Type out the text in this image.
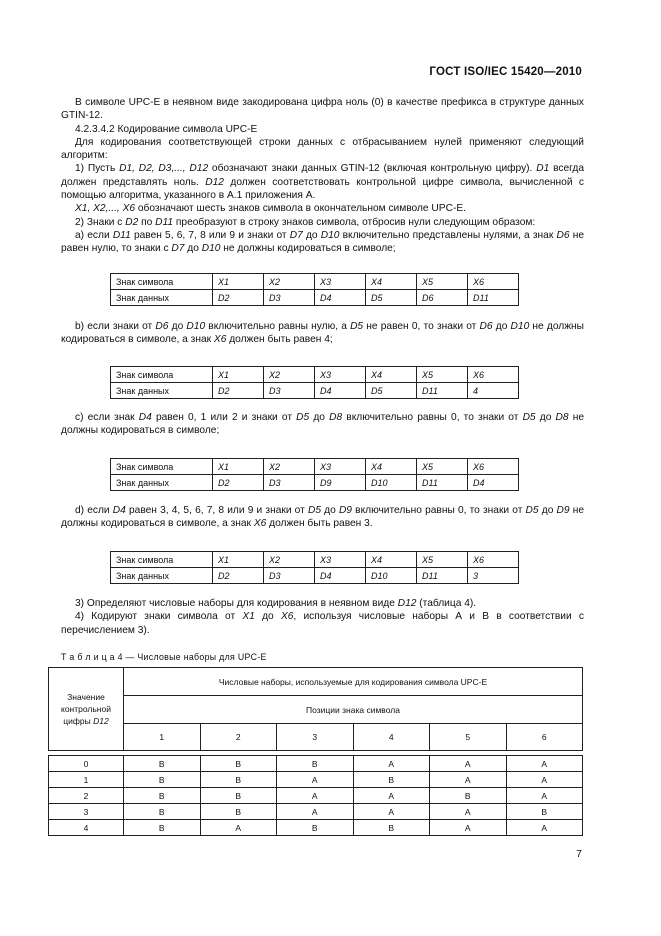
ГОСТ ISO/IEC 15420—2010

В символе UPC-E в неявном виде закодирована цифра ноль (0) в качестве префикса в структуре данных GTIN-12.

4.2.3.4.2 Кодирование символа UPC-E

Для кодирования соответствующей строки данных с отбрасыванием нулей применяют следующий алгоритм:

1) Пусть D1, D2, D3,..., D12 обозначают знаки данных GTIN-12 (включая контрольную цифру). D1 всегда должен представлять ноль. D12 должен соответствовать контрольной цифре символа, вычисленной с помощью алгоритма, указанного в А.1 приложения А.

X1, X2,..., X6 обозначают шесть знаков символа в окончательном символе UPC-E.

2) Знаки с D2 по D11 преобразуют в строку знаков символа, отбросив нули следующим образом:

а) если D11 равен 5, 6, 7, 8 или 9 и знаки от D7 до D10 включительно представлены нулями, а знак D6 не равен нулю, то знаки с D7 до D10 не должны кодироваться в символе;

Знак символа	X1	X2	X3	X4	X5	X6
Знак данных	D2	D3	D4	D5	D6	D11

b) если знаки от D6 до D10 включительно равны нулю, а D5 не равен 0, то знаки от D6 до D10 не должны кодироваться в символе, а знак X6 должен быть равен 4;

Знак символа	X1	X2	X3	X4	X5	X6
Знак данных	D2	D3	D4	D5	D11	4

с) если знак D4 равен 0, 1 или 2 и знаки от D5 до D8 включительно равны 0, то знаки от D5 до D8 не должны кодироваться в символе;

Знак символа	X1	X2	X3	X4	X5	X6
Знак данных	D2	D3	D9	D10	D11	D4

d) если D4 равен 3, 4, 5, 6, 7, 8 или 9 и знаки от D5 до D9 включительно равны 0, то знаки от D5 до D9 не должны кодироваться в символе, а знак X6 должен быть равен 3.

Знак символа	X1	X2	X3	X4	X5	X6
Знак данных	D2	D3	D4	D10	D11	3

3) Определяют числовые наборы для кодирования в неявном виде D12 (таблица 4).

4) Кодируют знаки символа от X1 до X6, используя числовые наборы А и В в соответствии с перечислением 3).

Т а б л и ц а 4 — Числовые наборы для UPC-E
Значение
контрольной
цифры D12	Числовые наборы, используемые для кодирования символа UPC-E					
	Позиции знака символа					
	1	2	3	4	5	6

0	B	B	B	A	A	A
1	B	B	A	B	A	A
2	B	B	A	A	B	A
3	B	B	A	A	A	B
4	B	A	B	B	A	A
7
